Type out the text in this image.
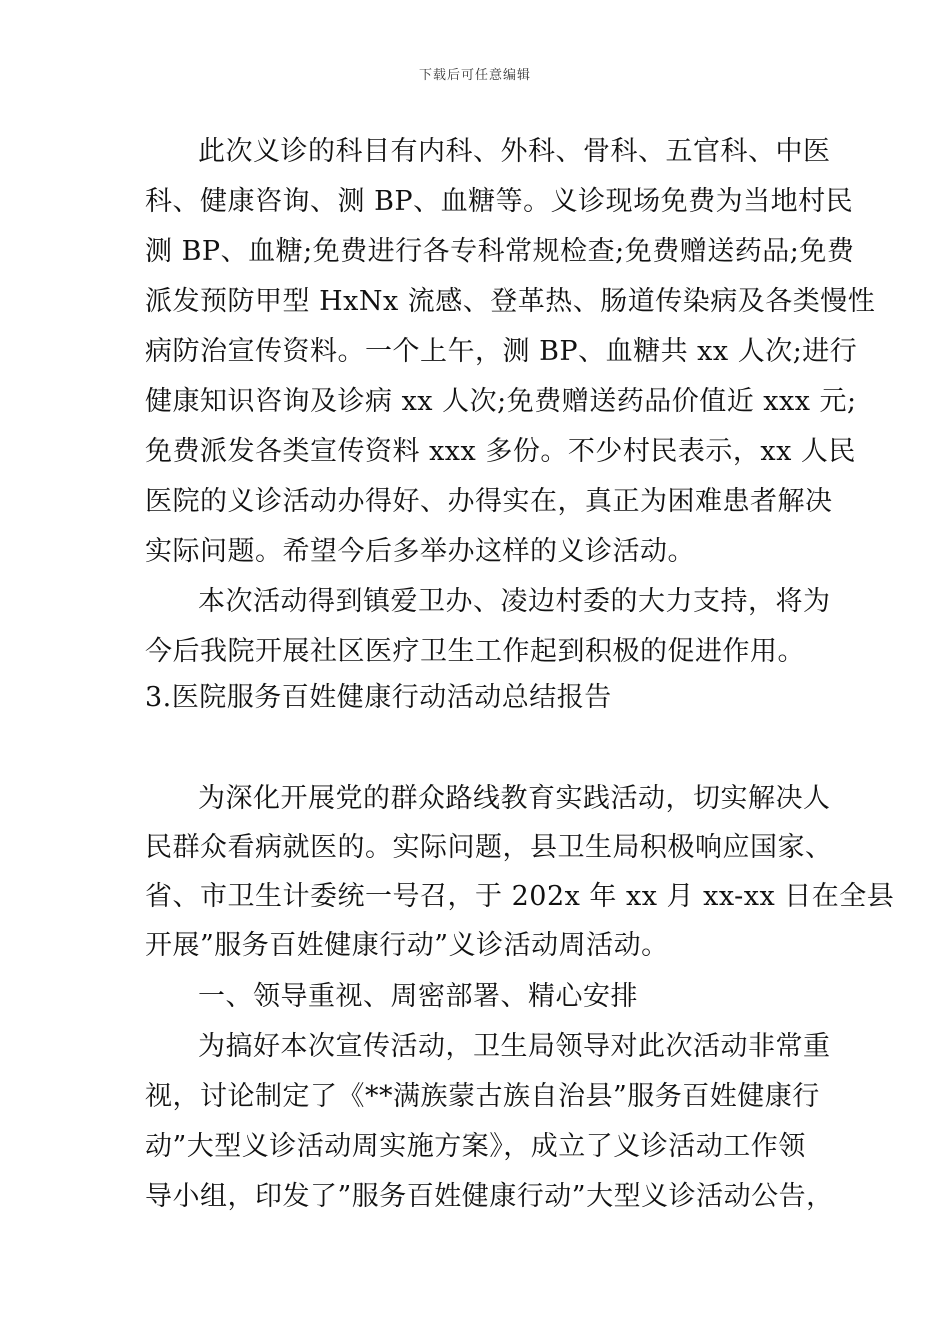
下载后可任意编辑
此次义诊的科目有内科、外科、骨科、五官科、中医
科、健康咨询、测 BP、血糖等。义诊现场免费为当地村民
测 BP、血糖;免费进行各专科常规检查;免费赠送药品;免费
派发预防甲型 HxNx 流感、登革热、肠道传染病及各类慢性
病防治宣传资料。一个上午，测 BP、血糖共 xx 人次;进行
健康知识咨询及诊病 xx 人次;免费赠送药品价值近 xxx 元;
免费派发各类宣传资料 xxx 多份。不少村民表示，xx 人民
医院的义诊活动办得好、办得实在，真正为困难患者解决
实际问题。希望今后多举办这样的义诊活动。
本次活动得到镇爱卫办、凌边村委的大力支持，将为
今后我院开展社区医疗卫生工作起到积极的促进作用。
3.医院服务百姓健康行动活动总结报告
为深化开展党的群众路线教育实践活动，切实解决人
民群众看病就医的。实际问题，县卫生局积极响应国家、
省、市卫生计委统一号召，于 202x 年 xx 月 xx-xx 日在全县
开展”服务百姓健康行动”义诊活动周活动。
一、领导重视、周密部署、精心安排
为搞好本次宣传活动，卫生局领导对此次活动非常重
视，讨论制定了《**满族蒙古族自治县”服务百姓健康行
动”大型义诊活动周实施方案》，成立了义诊活动工作领
导小组，印发了”服务百姓健康行动”大型义诊活动公告，
